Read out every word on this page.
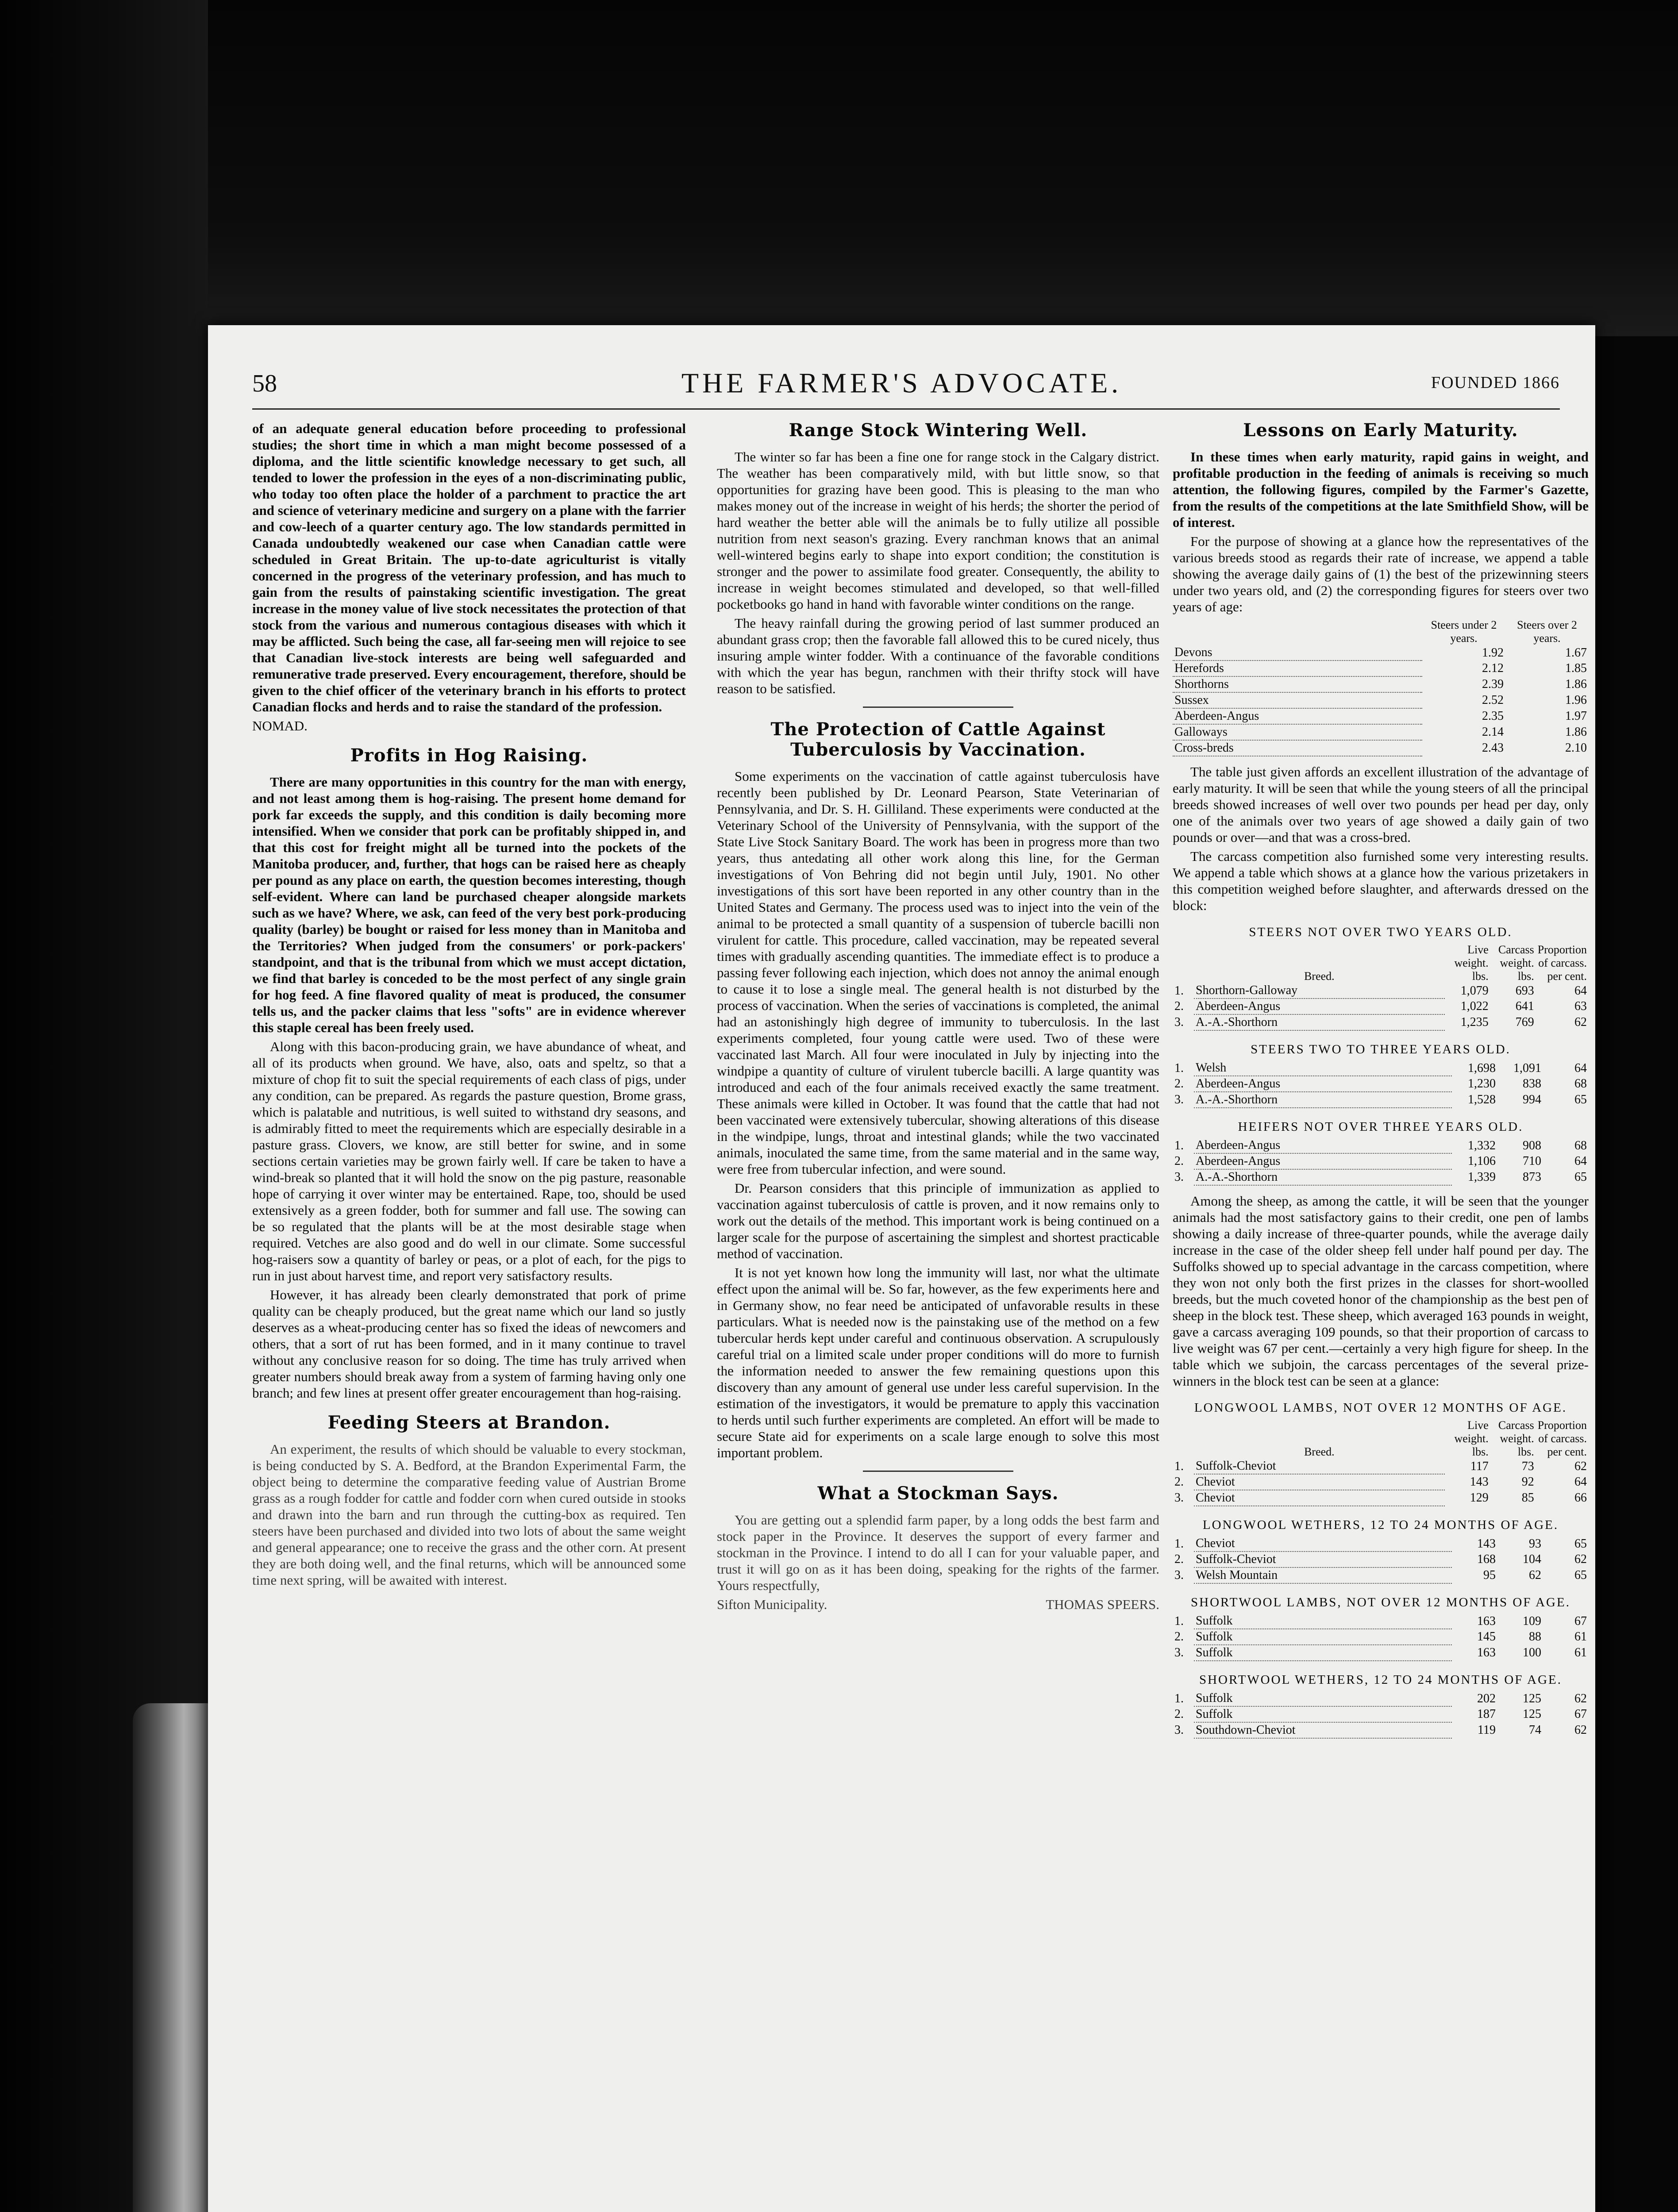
58	THE FARMER'S ADVOCATE.	FOUNDED 1866

of an adequate general education before proceeding to professional studies; the short time in which a man might become possessed of a diploma, and the little scientific knowledge necessary to get such, all tended to lower the profession in the eyes of a non-discriminating public, who today too often place the holder of a parchment to practice the art and science of veterinary medicine and surgery on a plane with the farrier and cow-leech of a quarter century ago. The low standards permitted in Canada undoubtedly weakened our case when Canadian cattle were scheduled in Great Britain. The up-to-date agriculturist is vitally concerned in the progress of the veterinary profession, and has much to gain from the results of painstaking scientific investigation. The great increase in the money value of live stock necessitates the protection of that stock from the various and numerous contagious diseases with which it may be afflicted. Such being the case, all far-seeing men will rejoice to see that Canadian live-stock interests are being well safeguarded and remunerative trade preserved. Every encouragement, therefore, should be given to the chief officer of the veterinary branch in his efforts to protect Canadian flocks and herds and to raise the standard of the profession.

NOMAD.

Profits in Hog Raising.

There are many opportunities in this country for the man with energy, and not least among them is hog-raising. The present home demand for pork far exceeds the supply, and this condition is daily becoming more intensified. When we consider that pork can be profitably shipped in, and that this cost for freight might all be turned into the pockets of the Manitoba producer, and, further, that hogs can be raised here as cheaply per pound as any place on earth, the question becomes interesting, though self-evident. Where can land be purchased cheaper alongside markets such as we have? Where, we ask, can feed of the very best pork-producing quality (barley) be bought or raised for less money than in Manitoba and the Territories? When judged from the consumers' or pork-packers' standpoint, and that is the tribunal from which we must accept dictation, we find that barley is conceded to be the most perfect of any single grain for hog feed. A fine flavored quality of meat is produced, the consumer tells us, and the packer claims that less "softs" are in evidence wherever this staple cereal has been freely used.

Along with this bacon-producing grain, we have abundance of wheat, and all of its products when ground. We have, also, oats and speltz, so that a mixture of chop fit to suit the special requirements of each class of pigs, under any condition, can be prepared. As regards the pasture question, Brome grass, which is palatable and nutritious, is well suited to withstand dry seasons, and is admirably fitted to meet the requirements which are especially desirable in a pasture grass. Clovers, we know, are still better for swine, and in some sections certain varieties may be grown fairly well. If care be taken to have a wind-break so planted that it will hold the snow on the pig pasture, reasonable hope of carrying it over winter may be entertained. Rape, too, should be used extensively as a green fodder, both for summer and fall use. The sowing can be so regulated that the plants will be at the most desirable stage when required. Vetches are also good and do well in our climate. Some successful hog-raisers sow a quantity of barley or peas, or a plot of each, for the pigs to run in just about harvest time, and report very satisfactory results.

However, it has already been clearly demonstrated that pork of prime quality can be cheaply produced, but the great name which our land so justly deserves as a wheat-producing center has so fixed the ideas of newcomers and others, that a sort of rut has been formed, and in it many continue to travel without any conclusive reason for so doing. The time has truly arrived when greater numbers should break away from a system of farming having only one branch; and few lines at present offer greater encouragement than hog-raising.

Feeding Steers at Brandon.

An experiment, the results of which should be valuable to every stockman, is being conducted by S. A. Bedford, at the Brandon Experimental Farm, the object being to determine the comparative feeding value of Austrian Brome grass as a rough fodder for cattle and fodder corn when cured outside in stooks and drawn into the barn and run through the cutting-box as required. Ten steers have been purchased and divided into two lots of about the same weight and general appearance; one to receive the grass and the other corn. At present they are both doing well, and the final returns, which will be announced some time next spring, will be awaited with interest.

Range Stock Wintering Well.

The winter so far has been a fine one for range stock in the Calgary district. The weather has been comparatively mild, with but little snow, so that opportunities for grazing have been good. This is pleasing to the man who makes money out of the increase in weight of his herds; the shorter the period of hard weather the better able will the animals be to fully utilize all possible nutrition from next season's grazing. Every ranchman knows that an animal well-wintered begins early to shape into export condition; the constitution is stronger and the power to assimilate food greater. Consequently, the ability to increase in weight becomes stimulated and developed, so that well-filled pocketbooks go hand in hand with favorable winter conditions on the range.

The heavy rainfall during the growing period of last summer produced an abundant grass crop; then the favorable fall allowed this to be cured nicely, thus insuring ample winter fodder. With a continuance of the favorable conditions with which the year has begun, ranchmen with their thrifty stock will have reason to be satisfied.

The Protection of Cattle Against Tuberculosis by Vaccination.

Some experiments on the vaccination of cattle against tuberculosis have recently been published by Dr. Leonard Pearson, State Veterinarian of Pennsylvania, and Dr. S. H. Gilliland. These experiments were conducted at the Veterinary School of the University of Pennsylvania, with the support of the State Live Stock Sanitary Board. The work has been in progress more than two years, thus antedating all other work along this line, for the German investigations of Von Behring did not begin until July, 1901. No other investigations of this sort have been reported in any other country than in the United States and Germany. The process used was to inject into the vein of the animal to be protected a small quantity of a suspension of tubercle bacilli non virulent for cattle. This procedure, called vaccination, may be repeated several times with gradually ascending quantities. The immediate effect is to produce a passing fever following each injection, which does not annoy the animal enough to cause it to lose a single meal. The general health is not disturbed by the process of vaccination. When the series of vaccinations is completed, the animal had an astonishingly high degree of immunity to tuberculosis. In the last experiments completed, four young cattle were used. Two of these were vaccinated last March. All four were inoculated in July by injecting into the windpipe a quantity of culture of virulent tubercle bacilli. A large quantity was introduced and each of the four animals received exactly the same treatment. These animals were killed in October. It was found that the cattle that had not been vaccinated were extensively tubercular, showing alterations of this disease in the windpipe, lungs, throat and intestinal glands; while the two vaccinated animals, inoculated the same time, from the same material and in the same way, were free from tubercular infection, and were sound.

Dr. Pearson considers that this principle of immunization as applied to vaccination against tuberculosis of cattle is proven, and it now remains only to work out the details of the method. This important work is being continued on a larger scale for the purpose of ascertaining the simplest and shortest practicable method of vaccination.

It is not yet known how long the immunity will last, nor what the ultimate effect upon the animal will be. So far, however, as the few experiments here and in Germany show, no fear need be anticipated of unfavorable results in these particulars. What is needed now is the painstaking use of the method on a few tubercular herds kept under careful and continuous observation. A scrupulously careful trial on a limited scale under proper conditions will do more to furnish the information needed to answer the few remaining questions upon this discovery than any amount of general use under less careful supervision. In the estimation of the investigators, it would be premature to apply this vaccination to herds until such further experiments are completed. An effort will be made to secure State aid for experiments on a scale large enough to solve this most important problem.

What a Stockman Says.

You are getting out a splendid farm paper, by a long odds the best farm and stock paper in the Province. It deserves the support of every farmer and stockman in the Province. I intend to do all I can for your valuable paper, and trust it will go on as it has been doing, speaking for the rights of the farmer. Yours respectfully,

Sifton Municipality.	THOMAS SPEERS.

Lessons on Early Maturity.

In these times when early maturity, rapid gains in weight, and profitable production in the feeding of animals is receiving so much attention, the following figures, compiled by the Farmer's Gazette, from the results of the competitions at the late Smithfield Show, will be of interest.

For the purpose of showing at a glance how the representatives of the various breeds stood as regards their rate of increase, we append a table showing the average daily gains of (1) the best of the prizewinning steers under two years old, and (2) the corresponding figures for steers over two years of age:

	Steers under 2 years.	Steers over 2 years.
Devons	1.92	1.67
Herefords	2.12	1.85
Shorthorns	2.39	1.86
Sussex	2.52	1.96
Aberdeen-Angus	2.35	1.97
Galloways	2.14	1.86
Cross-breds	2.43	2.10

The table just given affords an excellent illustration of the advantage of early maturity. It will be seen that while the young steers of all the principal breeds showed increases of well over two pounds per head per day, only one of the animals over two years of age showed a daily gain of two pounds or over—and that was a cross-bred.

The carcass competition also furnished some very interesting results. We append a table which shows at a glance how the various prizetakers in this competition weighed before slaughter, and afterwards dressed on the block:

STEERS NOT OVER TWO YEARS OLD.
	Breed.	Live weight. lbs.	Carcass weight. lbs.	Proportion of carcass. per cent.
1.	Shorthorn-Galloway	1,079	693	64
2.	Aberdeen-Angus	1,022	641	63
3.	A.-A.-Shorthorn	1,235	769	62
STEERS TWO TO THREE YEARS OLD.
1.	Welsh	1,698	1,091	64
2.	Aberdeen-Angus	1,230	838	68
3.	A.-A.-Shorthorn	1,528	994	65
HEIFERS NOT OVER THREE YEARS OLD.
1.	Aberdeen-Angus	1,332	908	68
2.	Aberdeen-Angus	1,106	710	64
3.	A.-A.-Shorthorn	1,339	873	65

Among the sheep, as among the cattle, it will be seen that the younger animals had the most satisfactory gains to their credit, one pen of lambs showing a daily increase of three-quarter pounds, while the average daily increase in the case of the older sheep fell under half pound per day. The Suffolks showed up to special advantage in the carcass competition, where they won not only both the first prizes in the classes for short-woolled breeds, but the much coveted honor of the championship as the best pen of sheep in the block test. These sheep, which averaged 163 pounds in weight, gave a carcass averaging 109 pounds, so that their proportion of carcass to live weight was 67 per cent.—certainly a very high figure for sheep. In the table which we subjoin, the carcass percentages of the several prize-winners in the block test can be seen at a glance:

LONGWOOL LAMBS, NOT OVER 12 MONTHS OF AGE.
	Breed.	Live weight. lbs.	Carcass weight. lbs.	Proportion of carcass. per cent.
1.	Suffolk-Cheviot	117	73	62
2.	Cheviot	143	92	64
3.	Cheviot	129	85	66
LONGWOOL WETHERS, 12 TO 24 MONTHS OF AGE.
1.	Cheviot	143	93	65
2.	Suffolk-Cheviot	168	104	62
3.	Welsh Mountain	95	62	65
SHORTWOOL LAMBS, NOT OVER 12 MONTHS OF AGE.
1.	Suffolk	163	109	67
2.	Suffolk	145	88	61
3.	Suffolk	163	100	61
SHORTWOOL WETHERS, 12 TO 24 MONTHS OF AGE.
1.	Suffolk	202	125	62
2.	Suffolk	187	125	67
3.	Southdown-Cheviot	119	74	62
